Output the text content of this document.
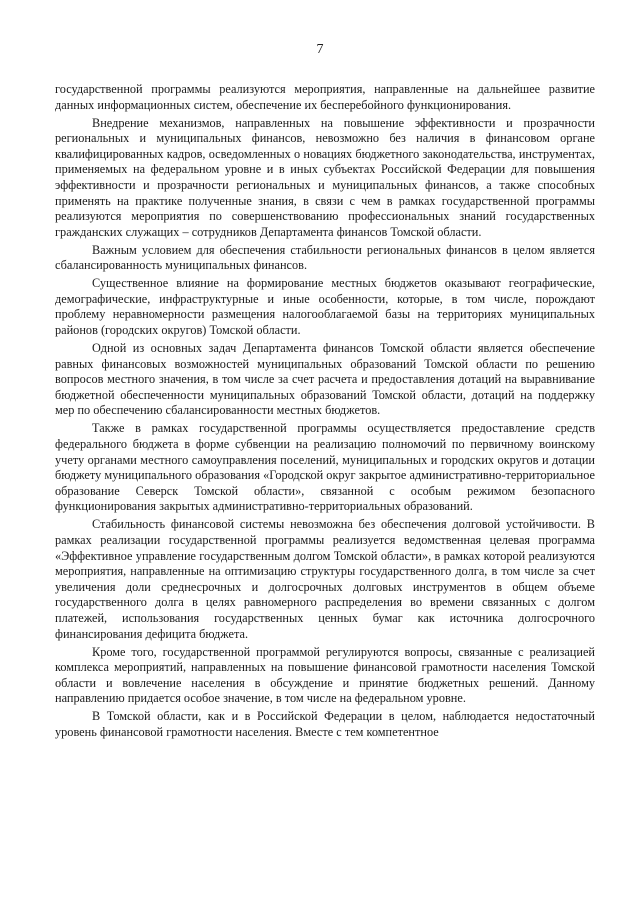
7

государственной программы реализуются мероприятия, направленные на дальнейшее развитие данных информационных систем, обеспечение их бесперебойного функционирования.

Внедрение механизмов, направленных на повышение эффективности и прозрачности региональных и муниципальных финансов, невозможно без наличия в финансовом органе квалифицированных кадров, осведомленных о новациях бюджетного законодательства, инструментах, применяемых на федеральном уровне и в иных субъектах Российской Федерации для повышения эффективности и прозрачности региональных и муниципальных финансов, а также способных применять на практике полученные знания, в связи с чем в рамках государственной программы реализуются мероприятия по совершенствованию профессиональных знаний государственных гражданских служащих – сотрудников Департамента финансов Томской области.

Важным условием для обеспечения стабильности региональных финансов в целом является сбалансированность муниципальных финансов.

Существенное влияние на формирование местных бюджетов оказывают географические, демографические, инфраструктурные и иные особенности, которые, в том числе, порождают проблему неравномерности размещения налогооблагаемой базы на территориях муниципальных районов (городских округов) Томской области.

Одной из основных задач Департамента финансов Томской области является обеспечение равных финансовых возможностей муниципальных образований Томской области по решению вопросов местного значения, в том числе за счет расчета и предоставления дотаций на выравнивание бюджетной обеспеченности муниципальных образований Томской области, дотаций на поддержку мер по обеспечению сбалансированности местных бюджетов.

Также в рамках государственной программы осуществляется предоставление средств федерального бюджета в форме субвенции на реализацию полномочий по первичному воинскому учету органами местного самоуправления поселений, муниципальных и городских округов и дотации бюджету муниципального образования «Городской округ закрытое административно-территориальное образование Северск Томской области», связанной с особым режимом безопасного функционирования закрытых административно-территориальных образований.

Стабильность финансовой системы невозможна без обеспечения долговой устойчивости. В рамках реализации государственной программы реализуется ведомственная целевая программа «Эффективное управление государственным долгом Томской области», в рамках которой реализуются мероприятия, направленные на оптимизацию структуры государственного долга, в том числе за счет увеличения доли среднесрочных и долгосрочных долговых инструментов в общем объеме государственного долга в целях равномерного распределения во времени связанных с долгом платежей, использования государственных ценных бумаг как источника долгосрочного финансирования дефицита бюджета.

Кроме того, государственной программой регулируются вопросы, связанные с реализацией комплекса мероприятий, направленных на повышение финансовой грамотности населения Томской области и вовлечение населения в обсуждение и принятие бюджетных решений. Данному направлению придается особое значение, в том числе на федеральном уровне.

В Томской области, как и в Российской Федерации в целом, наблюдается недостаточный уровень финансовой грамотности населения. Вместе с тем компетентное
